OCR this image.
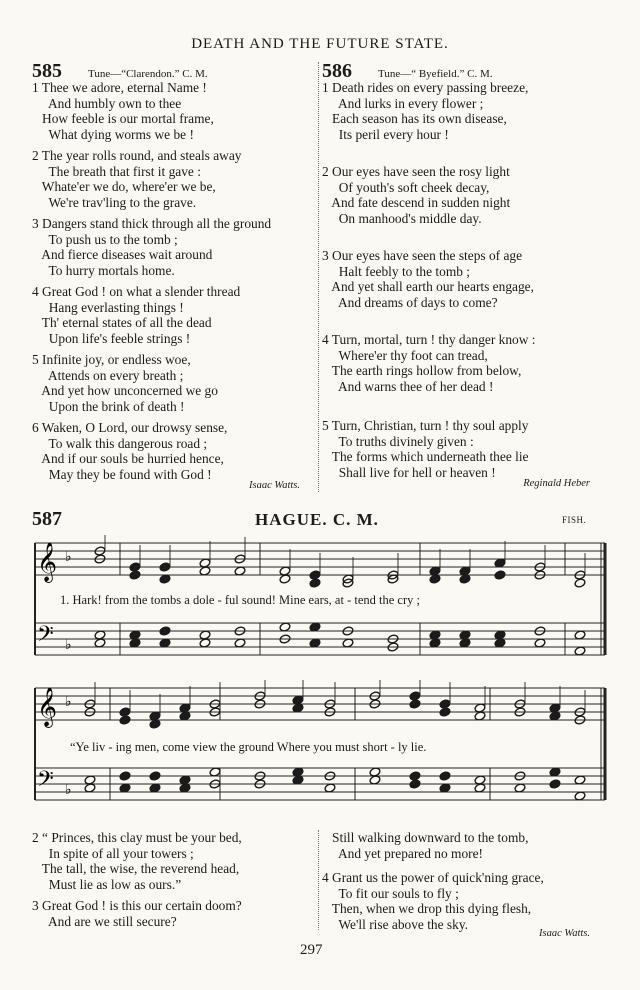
DEATH AND THE FUTURE STATE.
585 Tune—“Clarendon.” C. M.
1 Thee we adore, eternal Name !
And humbly own to thee
How feeble is our mortal frame,
What dying worms we be !
2 The year rolls round, and steals away
The breath that first it gave :
Whate'er we do, where'er we be,
We're trav'ling to the grave.
3 Dangers stand thick through all the ground
To push us to the tomb ;
And fierce diseases wait around
To hurry mortals home.
4 Great God ! on what a slender thread
Hang everlasting things !
Th' eternal states of all the dead
Upon life's feeble strings !
5 Infinite joy, or endless woe,
Attends on every breath ;
And yet how unconcerned we go
Upon the brink of death !
6 Waken, O Lord, our drowsy sense,
To walk this dangerous road ;
And if our souls be hurried hence,
May they be found with God !
Isaac Watts.
586 Tune—“ Byefield.” C. M.
1 Death rides on every passing breeze,
And lurks in every flower ;
Each season has its own disease,
Its peril every hour !
2 Our eyes have seen the rosy light
Of youth's soft cheek decay,
And fate descend in sudden night
On manhood's middle day.
3 Our eyes have seen the steps of age
Halt feebly to the tomb ;
And yet shall earth our hearts engage,
And dreams of days to come?
4 Turn, mortal, turn ! thy danger know :
Where'er thy foot can tread,
The earth rings hollow from below,
And warns thee of her dead !
5 Turn, Christian, turn ! thy soul apply
To truths divinely given :
The forms which underneath thee lie
Shall live for hell or heaven !
Reginald Heber
587	HAGUE. C. M.	FISH.
𝄞 ♭
𝄢 ♭
1. Hark! from the tombs a dole - ful sound! Mine ears, at - tend the cry ;
𝄞 ♭
𝄢 ♭
“Ye liv - ing men, come view the ground Where you must short - ly lie.
2 “ Princes, this clay must be your bed,
In spite of all your towers ;
The tall, the wise, the reverend head,
Must lie as low as ours.”
3 Great God ! is this our certain doom?
And are we still secure?
Still walking downward to the tomb,
And yet prepared no more!
4 Grant us the power of quick'ning grace,
To fit our souls to fly ;
Then, when we drop this dying flesh,
We'll rise above the sky.
Isaac Watts.
297
